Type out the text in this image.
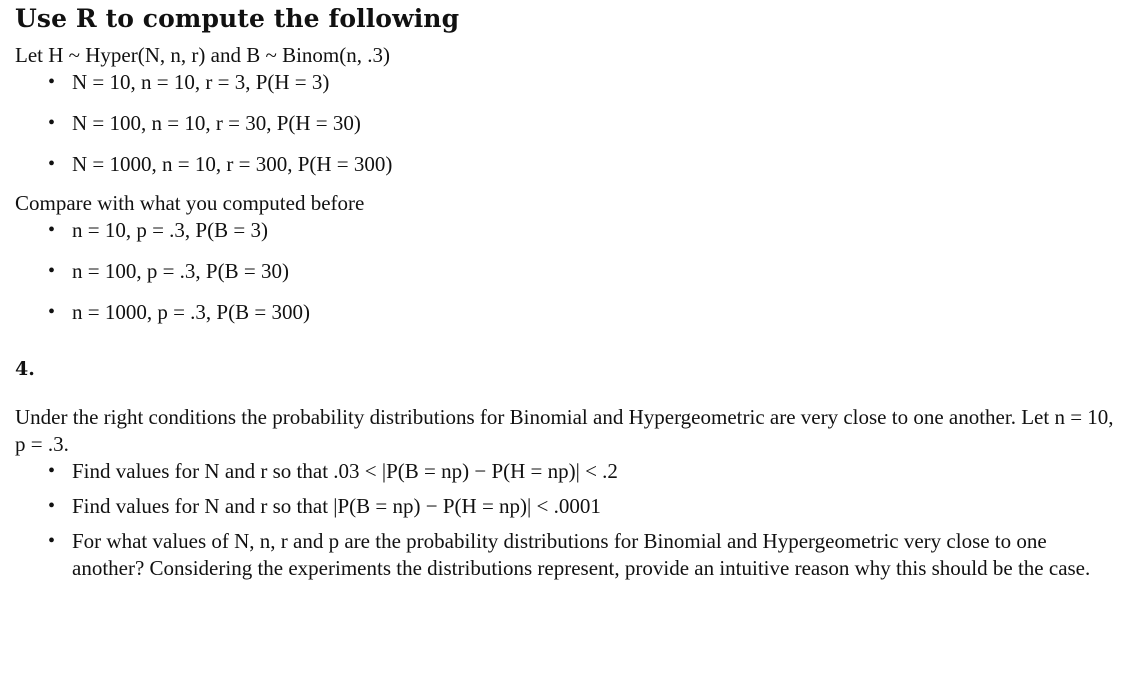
Use R to compute the following

Let H ~ Hyper(N, n, r) and B ~ Binom(n, .3)

• N = 10, n = 10, r = 3, P(H = 3)
• N = 100, n = 10, r = 30, P(H = 30)
• N = 1000, n = 10, r = 300, P(H = 300)

Compare with what you computed before

• n = 10, p = .3, P(B = 3)
• n = 100, p = .3, P(B = 30)
• n = 1000, p = .3, P(B = 300)
4.

Under the right conditions the probability distributions for Binomial and Hypergeometric are very close to one another. Let n = 10, p = .3.

• Find values for N and r so that .03 < |P(B = np) − P(H = np)| < .2
• Find values for N and r so that |P(B = np) − P(H = np)| < .0001
• For what values of N, n, r and p are the probability distributions for Binomial and Hypergeometric very close to one another? Considering the experiments the distributions represent, provide an intuitive reason why this should be the case.
